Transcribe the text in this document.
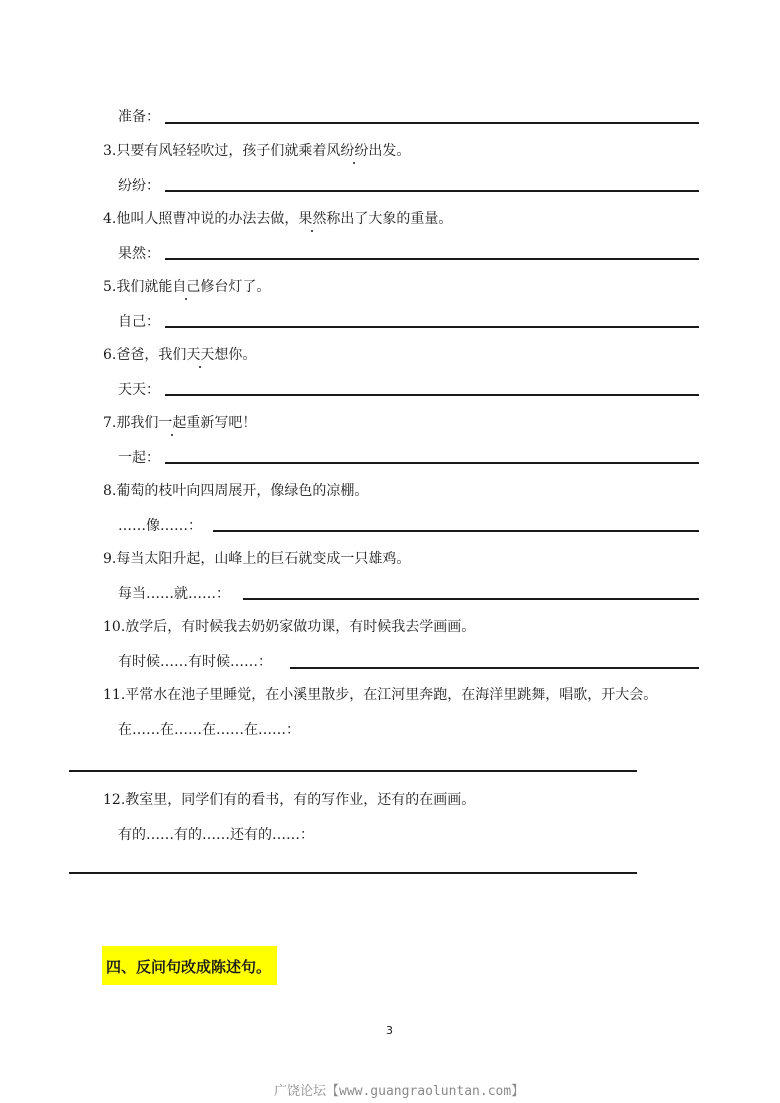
准备：
3.只要有风轻轻吹过，孩子们就乘着风纷纷出发。
纷纷：
4.他叫人照曹冲说的办法去做，果然称出了大象的重量。
果然：
5.我们就能自己修台灯了。
自己：
6.爸爸，我们天天想你。
天天：
7.那我们一起重新写吧！
一起：
8.葡萄的枝叶向四周展开，像绿色的凉棚。
……像……：
9.每当太阳升起，山峰上的巨石就变成一只雄鸡。
每当……就……：
10.放学后，有时候我去奶奶家做功课，有时候我去学画画。
有时候……有时候……：
11.平常水在池子里睡觉，在小溪里散步，在江河里奔跑，在海洋里跳舞，唱歌，开大会。
在……在……在……在……：
12.教室里，同学们有的看书，有的写作业，还有的在画画。
有的……有的……还有的……：
四、反问句改成陈述句。
3
广饶论坛【www.guangraoluntan.com】
